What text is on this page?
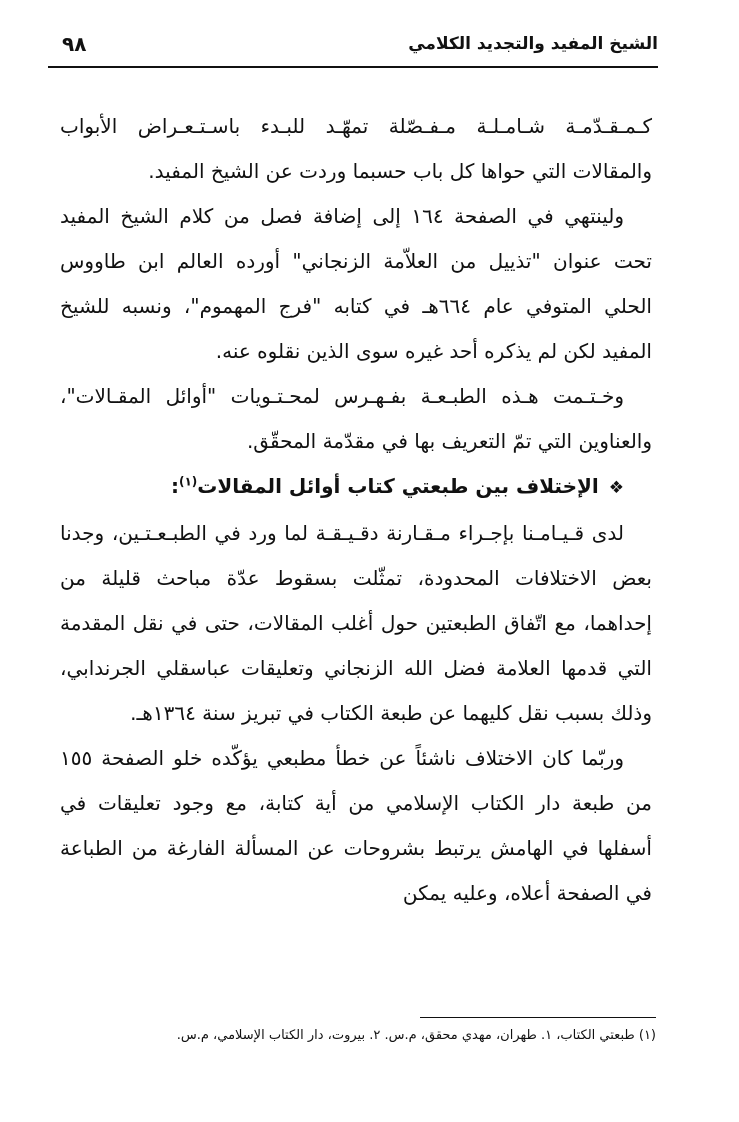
الشيخ المفيد والتجديد الكلامي
٩٨

كـمـقـدّمـة شـامـلـة مـفـصّلة تمهّـد للبـدء باسـتـعـراض الأبواب والمقالات التي حواها كل باب حسبما وردت عن الشيخ المفيد.

ولينتهي في الصفحة ١٦٤ إلى إضافة فصل من كلام الشيخ المفيد تحت عنوان "تذييل من العلاّمة الزنجاني" أورده العالم ابن طاووس الحلي المتوفي عام ٦٦٤هـ في كتابه "فرج المهموم"، ونسبه للشيخ المفيد لكن لم يذكره أحد غيره سوى الذين نقلوه عنه.

وخـتـمت هـذه الطبـعـة بفـهـرس لمحـتـويات "أوائل المقـالات"، والعناوين التي تمّ التعريف بها في مقدّمة المحقّق.

❖الإختلاف بين طبعتي كتاب أوائل المقالات$^{(١)}$:

لدى قـيـامـنا بإجـراء مـقـارنة دقـيـقـة لما ورد في الطبـعـتـين، وجدنا بعض الاختلافات المحدودة، تمثّلت بسقوط عدّة مباحث قليلة من إحداهما، مع اتّفاق الطبعتين حول أغلب المقالات، حتى في نقل المقدمة التي قدمها العلامة فضل الله الزنجاني وتعليقات عباسقلي الجرندابي، وذلك بسبب نقل كليهما عن طبعة الكتاب في تبريز سنة ١٣٦٤هـ.

وربّما كان الاختلاف ناشئاً عن خطأ مطبعي يؤكّده خلو الصفحة ١٥٥ من طبعة دار الكتاب الإسلامي من أية كتابة، مع وجود تعليقات في أسفلها في الهامش يرتبط بشروحات عن المسألة الفارغة من الطباعة في الصفحة أعلاه، وعليه يمكن

(١) طبعتي الكتاب، ١. طهران، مهدي محقق، م.س. ٢. بيروت، دار الكتاب الإسلامي، م.س.
